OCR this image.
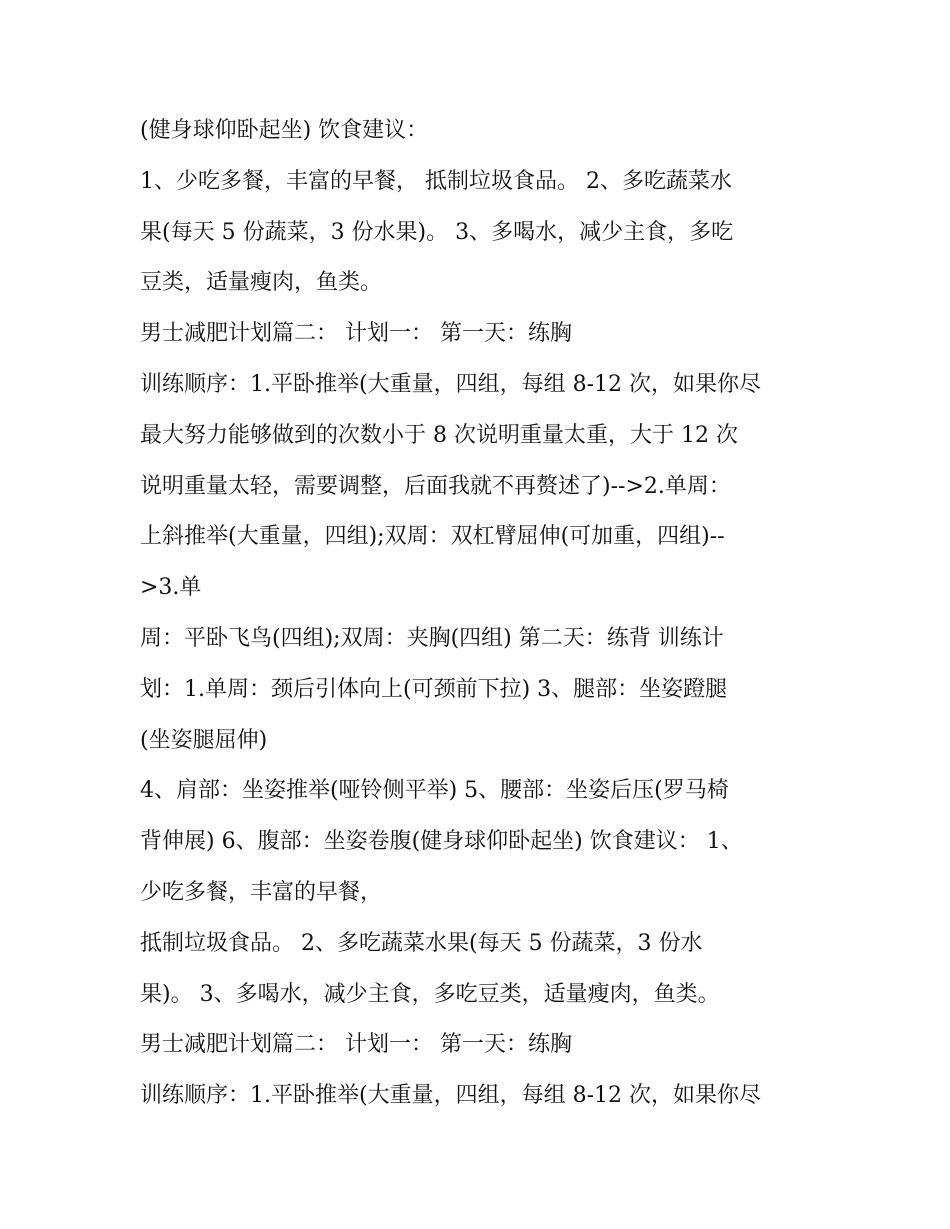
(健身球仰卧起坐) 饮食建议：
1、少吃多餐，丰富的早餐， 抵制垃圾食品。 2、多吃蔬菜水
果(每天 5 份蔬菜，3 份水果)。 3、多喝水，减少主食，多吃
豆类，适量瘦肉，鱼类。
男士减肥计划篇二： 计划一： 第一天：练胸
训练顺序：1.平卧推举(大重量，四组，每组 8-12 次，如果你尽
最大努力能够做到的次数小于 8 次说明重量太重，大于 12 次
说明重量太轻，需要调整，后面我就不再赘述了)-->2.单周：
上斜推举(大重量，四组);双周：双杠臂屈伸(可加重，四组)--
>3.单
周：平卧飞鸟(四组);双周：夹胸(四组) 第二天：练背 训练计
划：1.单周：颈后引体向上(可颈前下拉) 3、腿部：坐姿蹬腿
(坐姿腿屈伸)
4、肩部：坐姿推举(哑铃侧平举) 5、腰部：坐姿后压(罗马椅
背伸展) 6、腹部：坐姿卷腹(健身球仰卧起坐) 饮食建议： 1、
少吃多餐，丰富的早餐，
抵制垃圾食品。 2、多吃蔬菜水果(每天 5 份蔬菜，3 份水
果)。 3、多喝水，减少主食，多吃豆类，适量瘦肉，鱼类。
男士减肥计划篇二： 计划一： 第一天：练胸
训练顺序：1.平卧推举(大重量，四组，每组 8-12 次，如果你尽
